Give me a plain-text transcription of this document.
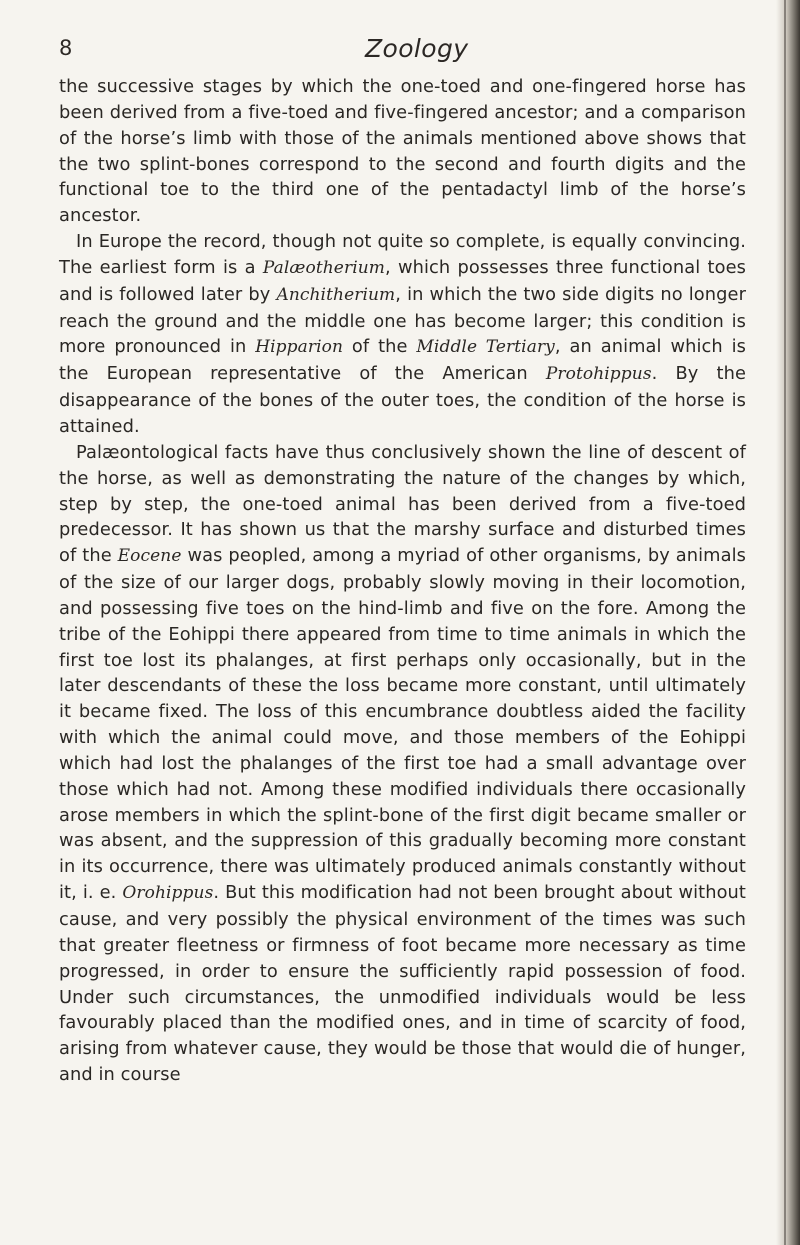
8	Zoology

the successive stages by which the one-toed and one-fingered horse has been derived from a five-toed and five-fingered ancestor; and a comparison of the horse’s limb with those of the animals mentioned above shows that the two splint-bones correspond to the second and fourth digits and the functional toe to the third one of the pentadactyl limb of the horse’s ancestor.

In Europe the record, though not quite so complete, is equally convincing. The earliest form is a Palæotherium, which possesses three functional toes and is followed later by Anchitherium, in which the two side digits no longer reach the ground and the middle one has become larger; this condition is more pronounced in Hipparion of the Middle Tertiary, an animal which is the European representative of the American Protohippus. By the disappearance of the bones of the outer toes, the condition of the horse is attained.

Palæontological facts have thus conclusively shown the line of descent of the horse, as well as demonstrating the nature of the changes by which, step by step, the one-toed animal has been derived from a five-toed predecessor. It has shown us that the marshy surface and disturbed times of the Eocene was peopled, among a myriad of other organisms, by animals of the size of our larger dogs, probably slowly moving in their locomotion, and possessing five toes on the hind-limb and five on the fore. Among the tribe of the Eohippi there appeared from time to time animals in which the first toe lost its phalanges, at first perhaps only occasionally, but in the later descendants of these the loss became more constant, until ultimately it became fixed. The loss of this encumbrance doubtless aided the facility with which the animal could move, and those members of the Eohippi which had lost the phalanges of the first toe had a small advantage over those which had not. Among these modified individuals there occasionally arose members in which the splint-bone of the first digit became smaller or was absent, and the suppression of this gradually becoming more constant in its occurrence, there was ultimately produced animals constantly without it, i. e. Orohippus. But this modification had not been brought about without cause, and very possibly the physical environment of the times was such that greater fleetness or firmness of foot became more necessary as time progressed, in order to ensure the sufficiently rapid possession of food. Under such circumstances, the unmodified individuals would be less favourably placed than the modified ones, and in time of scarcity of food, arising from whatever cause, they would be those that would die of hunger, and in course
